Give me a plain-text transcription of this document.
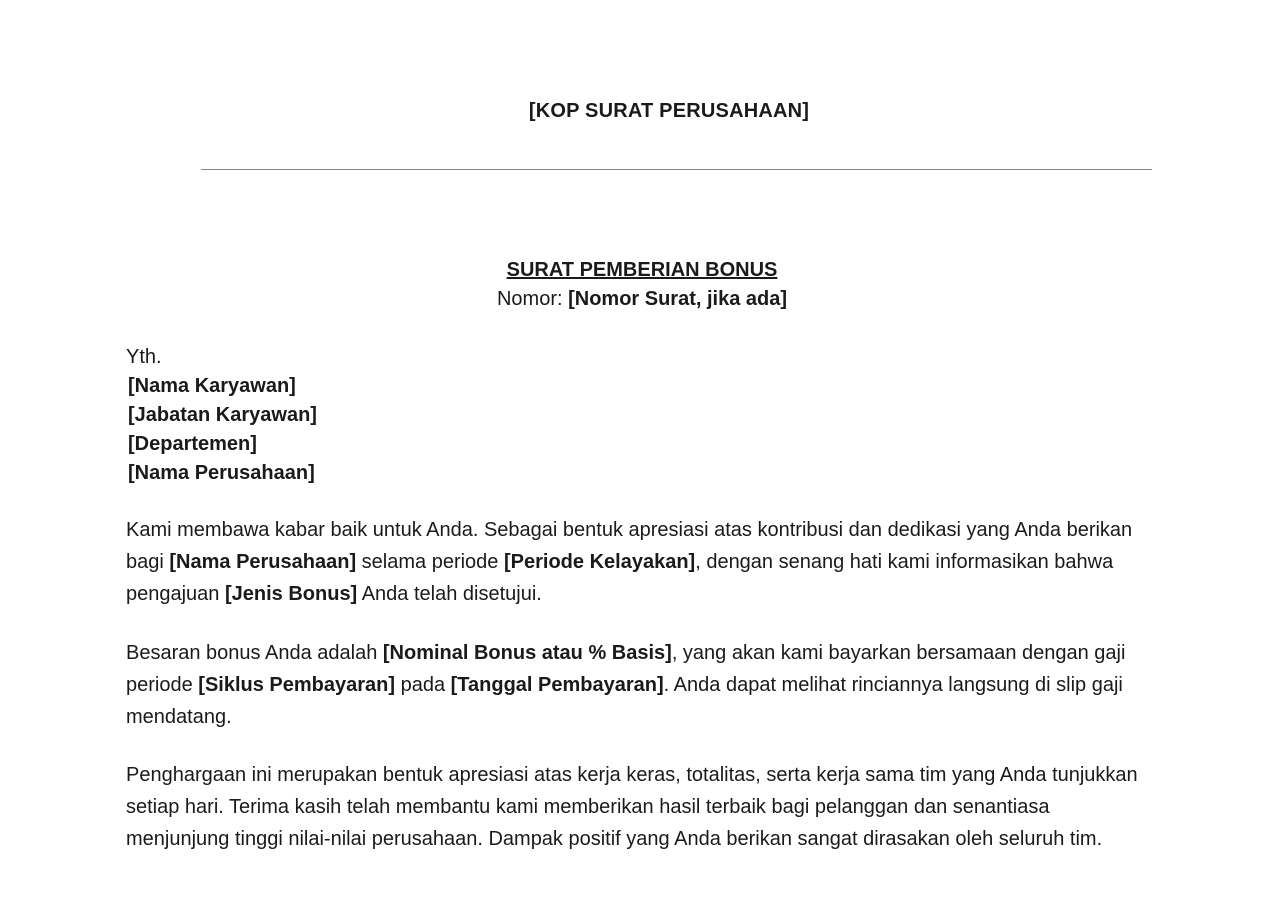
[KOP SURAT PERUSAHAAN]
SURAT PEMBERIAN BONUS
Nomor: [Nomor Surat, jika ada]
Yth.
[Nama Karyawan]
[Jabatan Karyawan]
[Departemen]
[Nama Perusahaan]
Kami membawa kabar baik untuk Anda. Sebagai bentuk apresiasi atas kontribusi dan dedikasi yang Anda berikan bagi [Nama Perusahaan] selama periode [Periode Kelayakan], dengan senang hati kami informasikan bahwa pengajuan [Jenis Bonus] Anda telah disetujui.
Besaran bonus Anda adalah [Nominal Bonus atau % Basis], yang akan kami bayarkan bersamaan dengan gaji periode [Siklus Pembayaran] pada [Tanggal Pembayaran]. Anda dapat melihat rinciannya langsung di slip gaji mendatang.
Penghargaan ini merupakan bentuk apresiasi atas kerja keras, totalitas, serta kerja sama tim yang Anda tunjukkan setiap hari. Terima kasih telah membantu kami memberikan hasil terbaik bagi pelanggan dan senantiasa menjunjung tinggi nilai-nilai perusahaan. Dampak positif yang Anda berikan sangat dirasakan oleh seluruh tim.
